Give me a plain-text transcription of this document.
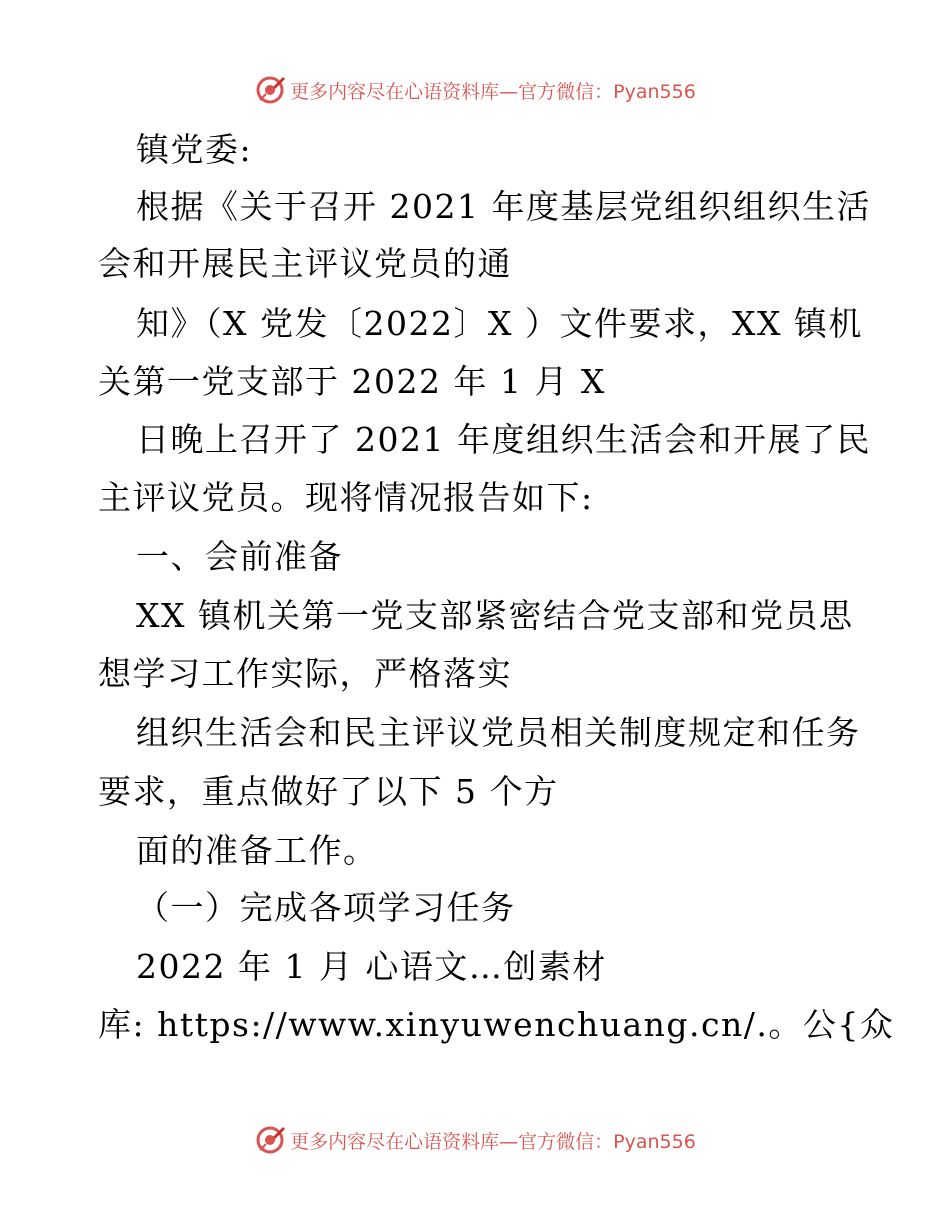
更多内容尽在心语资料库—官方微信：Pyan556
镇党委:
根据《关于召开 2021 年度基层党组织组织生活
会和开展民主评议党员的通
知》（X 党发〔2022〕X ）文件要求，XX 镇机
关第一党支部于 2022 年 1 月 X
日晚上召开了 2021 年度组织生活会和开展了民
主评议党员。现将情况报告如下:
一、会前准备
XX 镇机关第一党支部紧密结合党支部和党员思
想学习工作实际，严格落实
组织生活会和民主评议党员相关制度规定和任务
要求，重点做好了以下 5 个方
面的准备工作。
（一）完成各项学习任务
2022 年 1 月 心语文…创素材
库: https://www.xinyuwenchuang.cn/.。公{众
更多内容尽在心语资料库—官方微信：Pyan556
